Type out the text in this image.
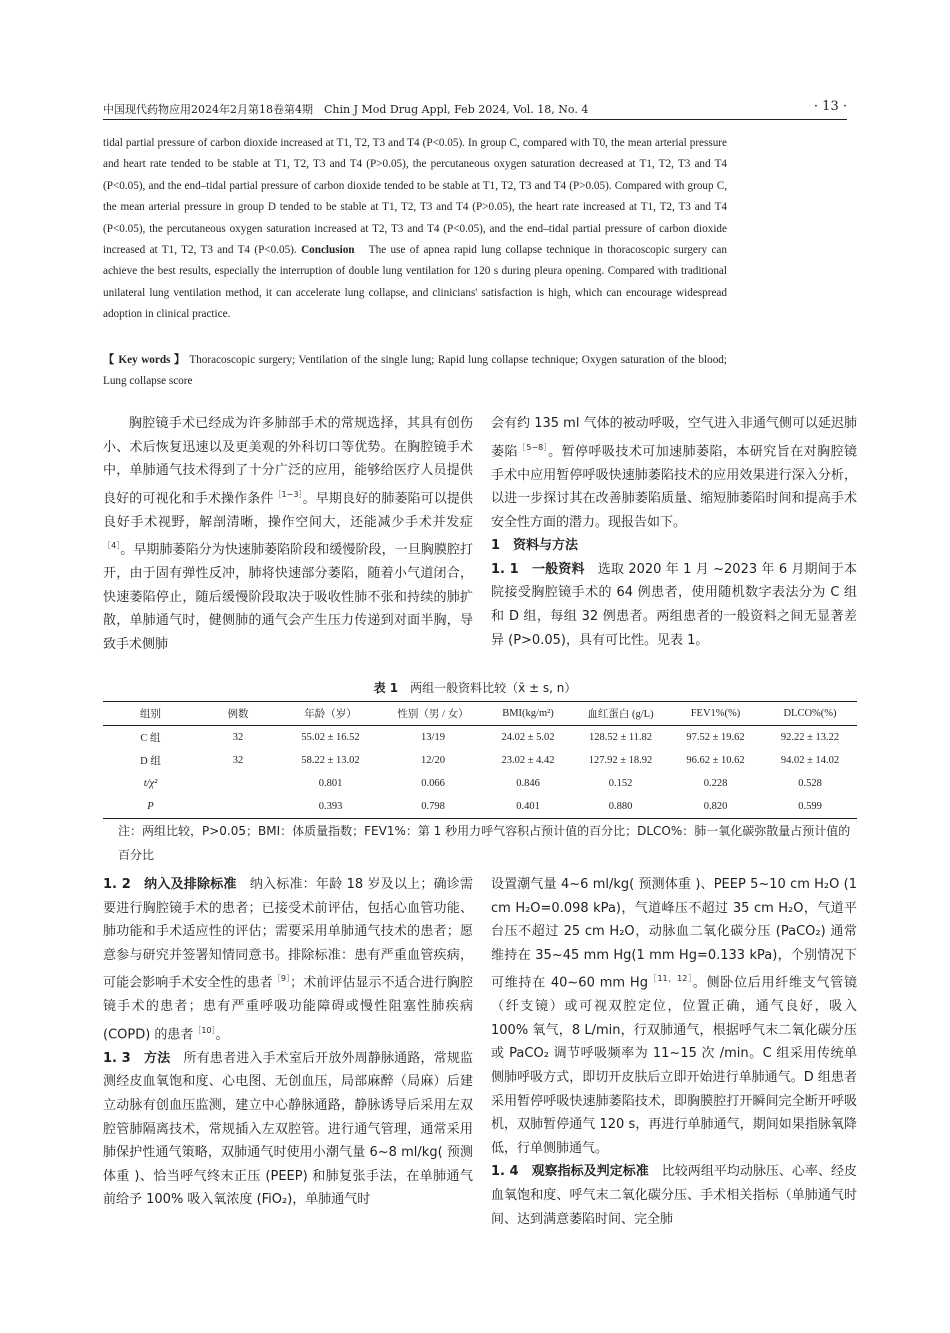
中国现代药物应用2024年2月第18卷第4期　Chin J Mod Drug Appl, Feb 2024, Vol. 18, No. 4	· 13 ·
tidal partial pressure of carbon dioxide increased at T1, T2, T3 and T4 (P<0.05). In group C, compared with T0, the mean arterial pressure and heart rate tended to be stable at T1, T2, T3 and T4 (P>0.05), the percutaneous oxygen saturation decreased at T1, T2, T3 and T4 (P<0.05), and the end–tidal partial pressure of carbon dioxide tended to be stable at T1, T2, T3 and T4 (P>0.05). Compared with group C, the mean arterial pressure in group D tended to be stable at T1, T2, T3 and T4 (P>0.05), the heart rate increased at T1, T2, T3 and T4 (P<0.05), the percutaneous oxygen saturation increased at T2, T3 and T4 (P<0.05), and the end–tidal partial pressure of carbon dioxide increased at T1, T2, T3 and T4 (P<0.05). Conclusion　The use of apnea rapid lung collapse technique in thoracoscopic surgery can achieve the best results, especially the interruption of double lung ventilation for 120 s during pleura opening. Compared with traditional unilateral lung ventilation method, it can accelerate lung collapse, and clinicians' satisfaction is high, which can encourage widespread adoption in clinical practice.
【 Key words 】 Thoracoscopic surgery; Ventilation of the single lung; Rapid lung collapse technique; Oxygen saturation of the blood; Lung collapse score

胸腔镜手术已经成为许多肺部手术的常规选择，其具有创伤小、术后恢复迅速以及更美观的外科切口等优势。在胸腔镜手术中，单肺通气技术得到了十分广泛的应用，能够给医疗人员提供良好的可视化和手术操作条件$^{[1-3]}$。早期良好的肺萎陷可以提供良好手术视野，解剖清晰，操作空间大，还能减少手术并发症$^{[4]}$。早期肺萎陷分为快速肺萎陷阶段和缓慢阶段，一旦胸膜腔打开，由于固有弹性反冲，肺将快速部分萎陷，随着小气道闭合，快速萎陷停止，随后缓慢阶段取决于吸收性肺不张和持续的肺扩散，单肺通气时，健侧肺的通气会产生压力传递到对面半胸，导致手术侧肺

会有约 135 ml 气体的被动呼吸，空气进入非通气侧可以延迟肺萎陷$^{[5-8]}$。暂停呼吸技术可加速肺萎陷，本研究旨在对胸腔镜手术中应用暂停呼吸快速肺萎陷技术的应用效果进行深入分析，以进一步探讨其在改善肺萎陷质量、缩短肺萎陷时间和提高手术安全性方面的潜力。现报告如下。

1　资料与方法

1. 1　一般资料　选取 2020 年 1 月 ~2023 年 6 月期间于本院接受胸腔镜手术的 64 例患者，使用随机数字表法分为 C 组和 D 组，每组 32 例患者。两组患者的一般资料之间无显著差异 (P>0.05)，具有可比性。见表 1。

表 1　两组一般资料比较（x̄ ± s, n）
组别	例数	年龄（岁）	性别（男 / 女）	BMI(kg/m²)	血红蛋白 (g/L)	FEV1%(%)	DLCO%(%)
C 组	32	55.02 ± 16.52	13/19	24.02 ± 5.02	128.52 ± 11.82	97.52 ± 19.62	92.22 ± 13.22
D 组	32	58.22 ± 13.02	12/20	23.02 ± 4.42	127.92 ± 18.92	96.62 ± 10.62	94.02 ± 14.02
t/χ²		0.801	0.066	0.846	0.152	0.228	0.528
P		0.393	0.798	0.401	0.880	0.820	0.599
注：两组比较，P>0.05；BMI：体质量指数；FEV1%：第 1 秒用力呼气容积占预计值的百分比；DLCO%：肺一氧化碳弥散量占预计值的百分比

1. 2　纳入及排除标准　纳入标准：年龄 18 岁及以上；确诊需要进行胸腔镜手术的患者；已接受术前评估，包括心血管功能、肺功能和手术适应性的评估；需要采用单肺通气技术的患者；愿意参与研究并签署知情同意书。排除标准：患有严重血管疾病，可能会影响手术安全性的患者$^{[9]}$；术前评估显示不适合进行胸腔镜手术的患者；患有严重呼吸功能障碍或慢性阻塞性肺疾病 (COPD) 的患者$^{[10]}$。

1. 3　方法　所有患者进入手术室后开放外周静脉通路，常规监测经皮血氧饱和度、心电图、无创血压，局部麻醉（局麻）后建立动脉有创血压监测，建立中心静脉通路，静脉诱导后采用左双腔管肺隔离技术，常规插入左双腔管。进行通气管理，通常采用肺保护性通气策略，双肺通气时使用小潮气量 6~8 ml/kg( 预测体重 )、恰当呼气终末正压 (PEEP) 和肺复张手法，在单肺通气前给予 100% 吸入氧浓度 (FiO₂)，单肺通气时

设置潮气量 4~6 ml/kg( 预测体重 )、PEEP 5~10 cm H₂O (1 cm H₂O=0.098 kPa)，气道峰压不超过 35 cm H₂O，气道平台压不超过 25 cm H₂O，动脉血二氧化碳分压 (PaCO₂) 通常维持在 35~45 mm Hg(1 mm Hg=0.133 kPa)，个别情况下可维持在 40~60 mm $Hg^{[11,12]}$。侧卧位后用纤维支气管镜（纤支镜）或可视双腔定位，位置正确，通气良好，吸入 100% 氧气，8 L/min，行双肺通气，根据呼气末二氧化碳分压或 PaCO₂ 调节呼吸频率为 11~15 次 /min。C 组采用传统单侧肺呼吸方式，即切开皮肤后立即开始进行单肺通气。D 组患者采用暂停呼吸快速肺萎陷技术，即胸膜腔打开瞬间完全断开呼吸机，双肺暂停通气 120 s，再进行单肺通气，期间如果指脉氧降低，行单侧肺通气。

1. 4　观察指标及判定标准　比较两组平均动脉压、心率、经皮血氧饱和度、呼气末二氧化碳分压、手术相关指标（单肺通气时间、达到满意萎陷时间、完全肺
